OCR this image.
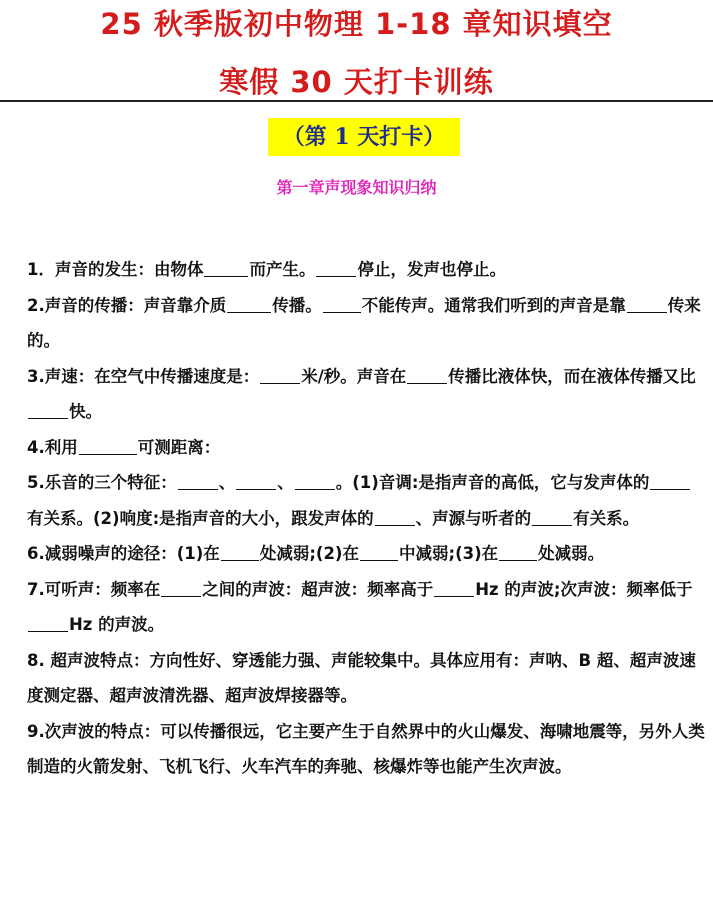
25 秋季版初中物理 1-18 章知识填空
寒假 30 天打卡训练
（第 1 天打卡）
第一章声现象知识归纳

1．声音的发生：由物体	而产生。	停止，发声也停止。

2.声音的传播：声音靠介质	传播。 不能传声。通常我们听到的声音是靠	传来的。

3.声速：在空气中传播速度是：	米/秒。声音在	传播比液体快，而在液体传播又比快。

4.利用	可测距离：

5.乐音的三个特征：	、	、	。(1)音调:是指声音的高低，它与发声体的有关系。(2)响度:是指声音的大小，跟发声体的	、声源与听者的	有关系。

6.减弱噪声的途径：(1)在 处减弱;(2)在 中减弱;(3)在 处减弱。

7.可听声：频率在	之间的声波：超声波：频率高于	Hz 的声波;次声波：频率低于Hz 的声波。

8. 超声波特点：方向性好、穿透能力强、声能较集中。具体应用有：声呐、B 超、超声波速度测定器、超声波清洗器、超声波焊接器等。

9.次声波的特点：可以传播很远，它主要产生于自然界中的火山爆发、海啸地震等，另外人类制造的火箭发射、飞机飞行、火车汽车的奔驰、核爆炸等也能产生次声波。
